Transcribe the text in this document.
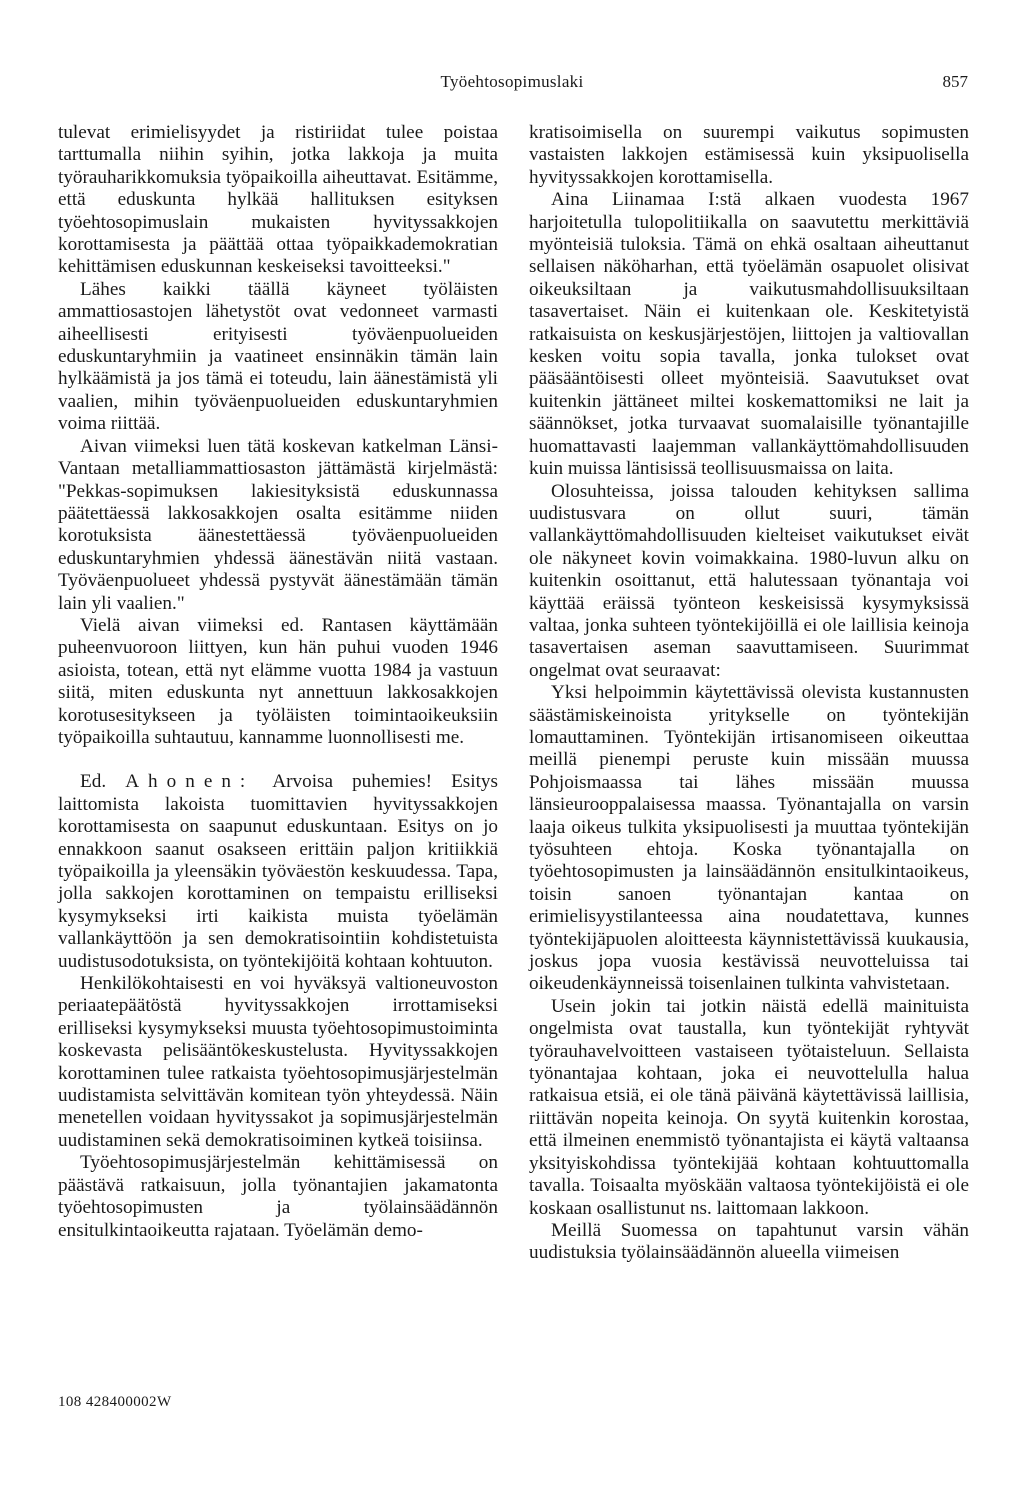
Työehtosopimuslaki	857

tulevat erimielisyydet ja ristiriidat tulee poistaa tarttumalla niihin syihin, jotka lakkoja ja muita työrauharikkomuksia työpaikoilla aiheuttavat. Esitämme, että eduskunta hylkää hallituksen esityksen työehtosopimuslain mukaisten hyvityssakkojen korottamisesta ja päättää ottaa työpaikkademokratian kehittämisen eduskunnan keskeiseksi tavoitteeksi."

Lähes kaikki täällä käyneet työläisten ammattiosastojen lähetystöt ovat vedonneet varmasti aiheellisesti erityisesti työväenpuolueiden eduskuntaryhmiin ja vaatineet ensinnäkin tämän lain hylkäämistä ja jos tämä ei toteudu, lain äänestämistä yli vaalien, mihin työväenpuolueiden eduskuntaryhmien voima riittää.

Aivan viimeksi luen tätä koskevan katkelman Länsi-Vantaan metalliammattiosaston jättämästä kirjelmästä: "Pekkas-sopimuksen lakiesityksistä eduskunnassa päätettäessä lakkosakkojen osalta esitämme niiden korotuksista äänestettäessä työväenpuolueiden eduskuntaryhmien yhdessä äänestävän niitä vastaan. Työväenpuolueet yhdessä pystyvät äänestämään tämän lain yli vaalien."

Vielä aivan viimeksi ed. Rantasen käyttämään puheenvuoroon liittyen, kun hän puhui vuoden 1946 asioista, totean, että nyt elämme vuotta 1984 ja vastuun siitä, miten eduskunta nyt annettuun lakkosakkojen korotusesitykseen ja työläisten toimintaoikeuksiin työpaikoilla suhtautuu, kannamme luonnollisesti me.

Ed. Ahonen: Arvoisa puhemies! Esitys laittomista lakoista tuomittavien hyvityssakkojen korottamisesta on saapunut eduskuntaan. Esitys on jo ennakkoon saanut osakseen erittäin paljon kritiikkiä työpaikoilla ja yleensäkin työväestön keskuudessa. Tapa, jolla sakkojen korottaminen on tempaistu erilliseksi kysymykseksi irti kaikista muista työelämän vallankäyttöön ja sen demokratisointiin kohdistetuista uudistusodotuksista, on työntekijöitä kohtaan kohtuuton.

Henkilökohtaisesti en voi hyväksyä valtioneuvoston periaatepäätöstä hyvityssakkojen irrottamiseksi erilliseksi kysymykseksi muusta työehtosopimustoiminta koskevasta pelisääntökeskustelusta. Hyvityssakkojen korottaminen tulee ratkaista työehtosopimusjärjestelmän uudistamista selvittävän komitean työn yhteydessä. Näin menetellen voidaan hyvityssakot ja sopimusjärjestelmän uudistaminen sekä demokratisoiminen kytkeä toisiinsa.

Työehtosopimusjärjestelmän kehittämisessä on päästävä ratkaisuun, jolla työnantajien jakamatonta työehtosopimusten ja työlainsäädännön ensitulkintaoikeutta rajataan. Työelämän demo-

kratisoimisella on suurempi vaikutus sopimusten vastaisten lakkojen estämisessä kuin yksipuolisella hyvityssakkojen korottamisella.

Aina Liinamaa I:stä alkaen vuodesta 1967 harjoitetulla tulopolitiikalla on saavutettu merkittäviä myönteisiä tuloksia. Tämä on ehkä osaltaan aiheuttanut sellaisen näköharhan, että työelämän osapuolet olisivat oikeuksiltaan ja vaikutusmahdollisuuksiltaan tasavertaiset. Näin ei kuitenkaan ole. Keskitetyistä ratkaisuista on keskusjärjestöjen, liittojen ja valtiovallan kesken voitu sopia tavalla, jonka tulokset ovat pääsääntöisesti olleet myönteisiä. Saavutukset ovat kuitenkin jättäneet miltei koskemattomiksi ne lait ja säännökset, jotka turvaavat suomalaisille työnantajille huomattavasti laajemman vallankäyttömahdollisuuden kuin muissa läntisissä teollisuusmaissa on laita.

Olosuhteissa, joissa talouden kehityksen sallima uudistusvara on ollut suuri, tämän vallankäyttömahdollisuuden kielteiset vaikutukset eivät ole näkyneet kovin voimakkaina. 1980-luvun alku on kuitenkin osoittanut, että halutessaan työnantaja voi käyttää eräissä työnteon keskeisissä kysymyksissä valtaa, jonka suhteen työntekijöillä ei ole laillisia keinoja tasavertaisen aseman saavuttamiseen. Suurimmat ongelmat ovat seuraavat:

Yksi helpoimmin käytettävissä olevista kustannusten säästämiskeinoista yritykselle on työntekijän lomauttaminen. Työntekijän irtisanomiseen oikeuttaa meillä pienempi peruste kuin missään muussa Pohjoismaassa tai lähes missään muussa länsieurooppalaisessa maassa. Työnantajalla on varsin laaja oikeus tulkita yksipuolisesti ja muuttaa työntekijän työsuhteen ehtoja. Koska työnantajalla on työehtosopimusten ja lainsäädännön ensitulkintaoikeus, toisin sanoen työnantajan kantaa on erimielisyystilanteessa aina noudatettava, kunnes työntekijäpuolen aloitteesta käynnistettävissä kuukausia, joskus jopa vuosia kestävissä neuvotteluissa tai oikeudenkäynneissä toisenlainen tulkinta vahvistetaan.

Usein jokin tai jotkin näistä edellä mainituista ongelmista ovat taustalla, kun työntekijät ryhtyvät työrauhavelvoitteen vastaiseen työtaisteluun. Sellaista työnantajaa kohtaan, joka ei neuvottelulla halua ratkaisua etsiä, ei ole tänä päivänä käytettävissä laillisia, riittävän nopeita keinoja. On syytä kuitenkin korostaa, että ilmeinen enemmistö työnantajista ei käytä valtaansa yksityiskohdissa työntekijää kohtaan kohtuuttomalla tavalla. Toisaalta myöskään valtaosa työntekijöistä ei ole koskaan osallistunut ns. laittomaan lakkoon.

Meillä Suomessa on tapahtunut varsin vähän uudistuksia työlainsäädännön alueella viimeisen

108 428400002W
